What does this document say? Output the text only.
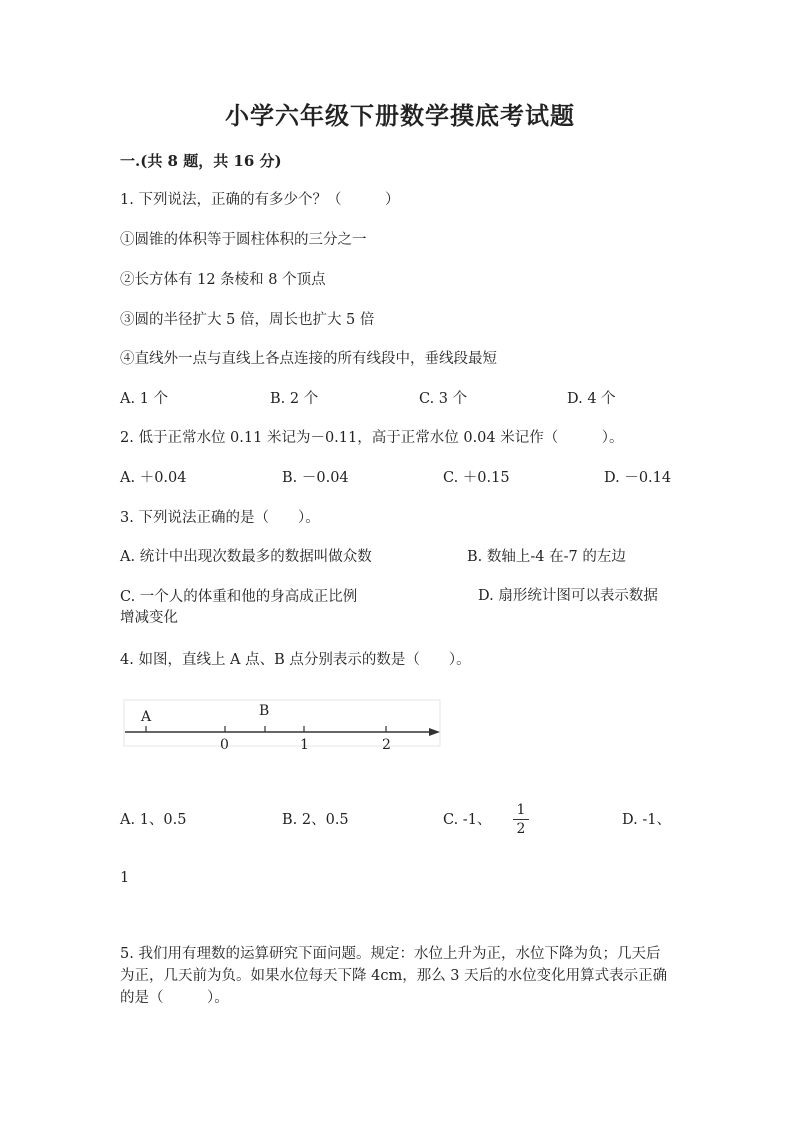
小学六年级下册数学摸底考试题
一.(共 8 题，共 16 分)
1. 下列说法，正确的有多少个？（　　　）
①圆锥的体积等于圆柱体积的三分之一
②长方体有 12 条棱和 8 个顶点
③圆的半径扩大 5 倍，周长也扩大 5 倍
④直线外一点与直线上各点连接的所有线段中，垂线段最短
A. 1 个	B. 2 个	C. 3 个	D. 4 个
2. 低于正常水位 0.11 米记为－0.11，高于正常水位 0.04 米记作（　　　）。
A. ＋0.04	B. －0.04	C. ＋0.15	D. －0.14
3. 下列说法正确的是（　　）。
A. 统计中出现次数最多的数据叫做众数	B. 数轴上-4 在-7 的左边
C. 一个人的体重和他的身高成正比例	D. 扇形统计图可以表示数据增减变化
4. 如图，直线上 A 点、B 点分别表示的数是（　　）。
A	B
0	1	2
A. 1、0.5	B. 2、0.5	C. -1、
1
2
D. -1、
1
5. 我们用有理数的运算研究下面问题。规定：水位上升为正，水位下降为负；几天后为正，几天前为负。如果水位每天下降 4cm，那么 3 天后的水位变化用算式表示正确的是（　　　）。
